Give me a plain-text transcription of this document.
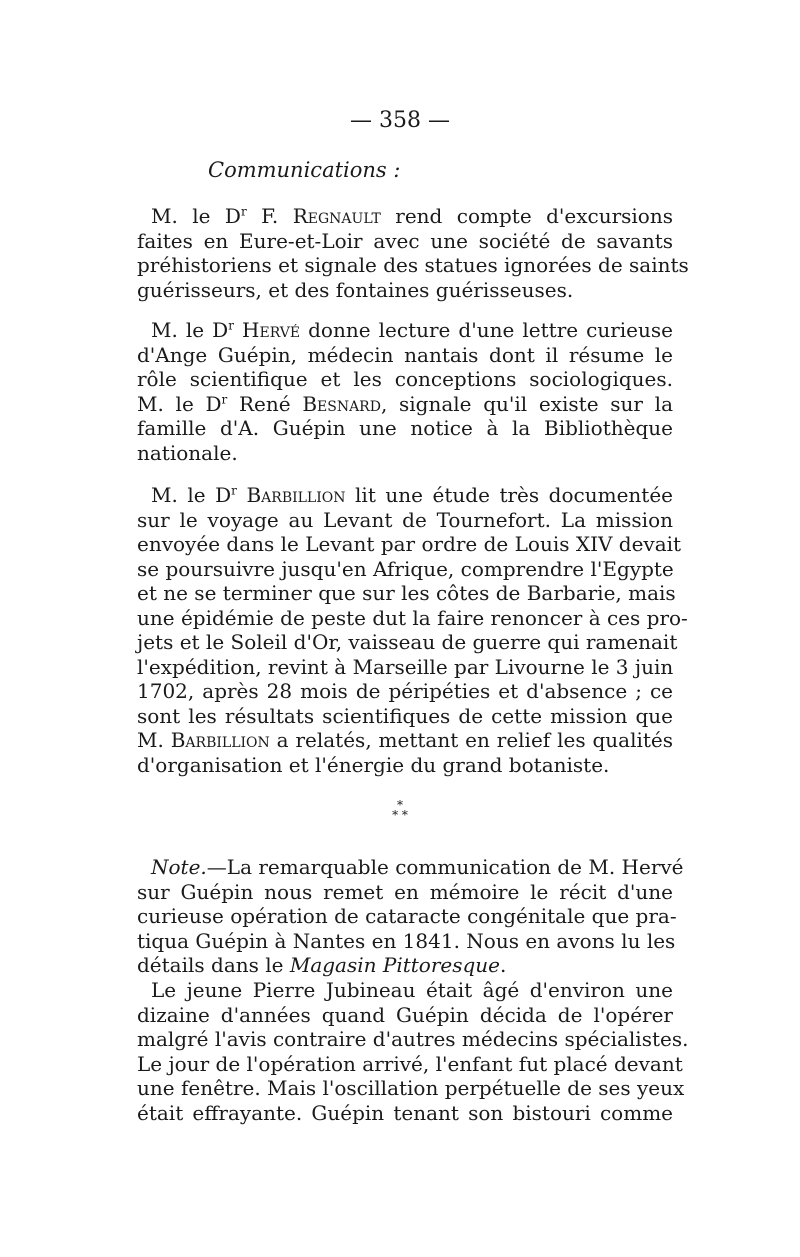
— 358 —
Communications :
M. le $D^r$ F. Regnault rend compte d'excursions
faites en Eure-et-Loir avec une société de savants
préhistoriens et signale des statues ignorées de saints
guérisseurs, et des fontaines guérisseuses.
M. le $D^r$ Hervé donne lecture d'une lettre curieuse
d'Ange Guépin, médecin nantais dont il résume le
rôle scientifique et les conceptions sociologiques.
M. le $D^r$ René Besnard, signale qu'il existe sur la
famille d'A. Guépin une notice à la Bibliothèque
nationale.
M. le $D^r$ Barbillion lit une étude très documentée
sur le voyage au Levant de Tournefort. La mission
envoyée dans le Levant par ordre de Louis XIV devait
se poursuivre jusqu'en Afrique, comprendre l'Egypte
et ne se terminer que sur les côtes de Barbarie, mais
une épidémie de peste dut la faire renoncer à ces pro-
jets et le Soleil d'Or, vaisseau de guerre qui ramenait
l'expédition, revint à Marseille par Livourne le 3 juin
1702, après 28 mois de péripéties et d'absence ; ce
sont les résultats scientifiques de cette mission que
M. Barbillion a relatés, mettant en relief les qualités
d'organisation et l'énergie du grand botaniste.
*
* *
Note.—La remarquable communication de M. Hervé
sur Guépin nous remet en mémoire le récit d'une
curieuse opération de cataracte congénitale que pra-
tiqua Guépin à Nantes en 1841. Nous en avons lu les
détails dans le Magasin Pittoresque.
Le jeune Pierre Jubineau était âgé d'environ une
dizaine d'années quand Guépin décida de l'opérer
malgré l'avis contraire d'autres médecins spécialistes.
Le jour de l'opération arrivé, l'enfant fut placé devant
une fenêtre. Mais l'oscillation perpétuelle de ses yeux
était effrayante. Guépin tenant son bistouri comme
